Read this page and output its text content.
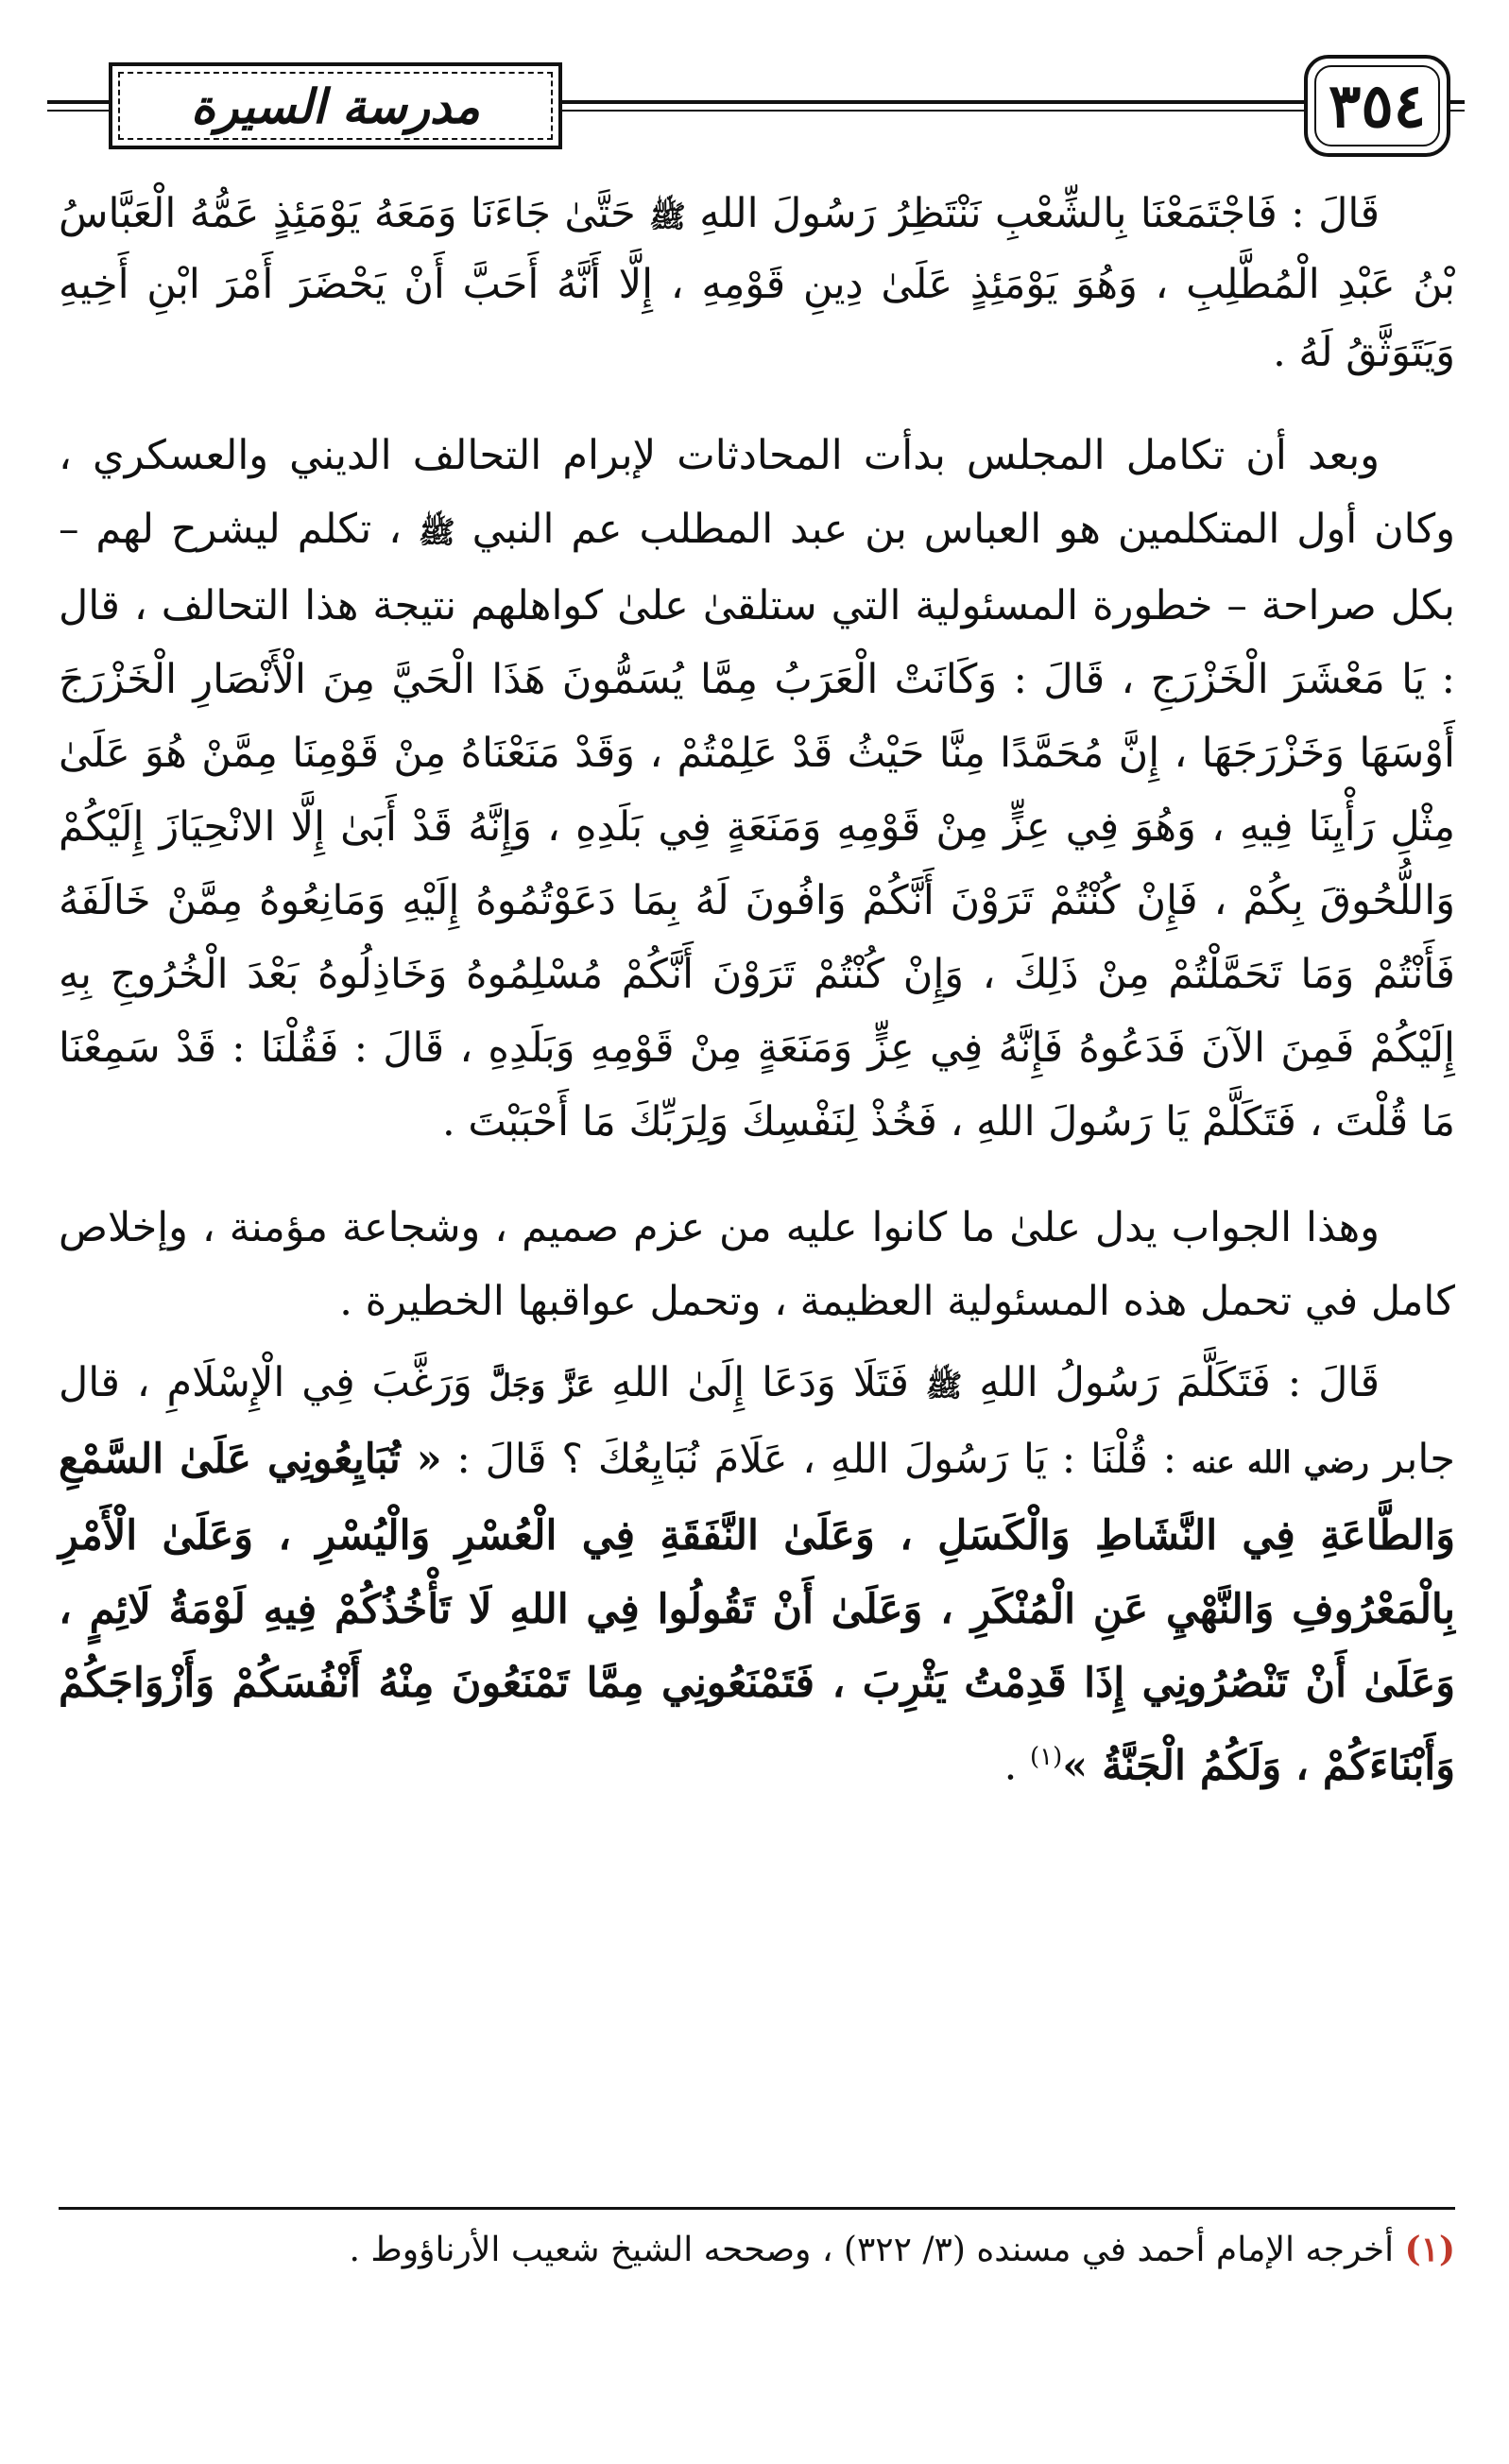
مدرسة السيرة	٣٥٤

قَالَ : فَاجْتَمَعْنَا بِالشِّعْبِ نَنْتَظِرُ رَسُولَ اللهِ ﷺ حَتَّىٰ جَاءَنَا وَمَعَهُ يَوْمَئِذٍ عَمُّهُ الْعَبَّاسُ بْنُ عَبْدِ الْمُطَّلِبِ ، وَهُوَ يَوْمَئِذٍ عَلَىٰ دِينِ قَوْمِهِ ، إِلَّا أَنَّهُ أَحَبَّ أَنْ يَحْضَرَ أَمْرَ ابْنِ أَخِيهِ وَيَتَوَثَّقُ لَهُ .

وبعد أن تكامل المجلس بدأت المحادثات لإبرام التحالف الديني والعسكري ، وكان أول المتكلمين هو العباس بن عبد المطلب عم النبي ﷺ ، تكلم ليشرح لهم – بكل صراحة – خطورة المسئولية التي ستلقىٰ علىٰ كواهلهم نتيجة هذا التحالف ، قال : يَا مَعْشَرَ الْخَزْرَجِ ، قَالَ : وَكَانَتْ الْعَرَبُ مِمَّا يُسَمُّونَ هَذَا الْحَيَّ مِنَ الْأَنْصَارِ الْخَزْرَجَ أَوْسَهَا وَخَزْرَجَهَا ، إِنَّ مُحَمَّدًا مِنَّا حَيْثُ قَدْ عَلِمْتُمْ ، وَقَدْ مَنَعْنَاهُ مِنْ قَوْمِنَا مِمَّنْ هُوَ عَلَىٰ مِثْلِ رَأْيِنَا فِيهِ ، وَهُوَ فِي عِزٍّ مِنْ قَوْمِهِ وَمَنَعَةٍ فِي بَلَدِهِ ، وَإِنَّهُ قَدْ أَبَىٰ إِلَّا الانْحِيَازَ إِلَيْكُمْ وَاللُّحُوقَ بِكُمْ ، فَإِنْ كُنْتُمْ تَرَوْنَ أَنَّكُمْ وَافُونَ لَهُ بِمَا دَعَوْتُمُوهُ إِلَيْهِ وَمَانِعُوهُ مِمَّنْ خَالَفَهُ فَأَنْتُمْ وَمَا تَحَمَّلْتُمْ مِنْ ذَلِكَ ، وَإِنْ كُنْتُمْ تَرَوْنَ أَنَّكُمْ مُسْلِمُوهُ وَخَاذِلُوهُ بَعْدَ الْخُرُوجِ بِهِ إِلَيْكُمْ فَمِنَ الآنَ فَدَعُوهُ فَإِنَّهُ فِي عِزٍّ وَمَنَعَةٍ مِنْ قَوْمِهِ وَبَلَدِهِ ، قَالَ : فَقُلْنَا : قَدْ سَمِعْنَا مَا قُلْتَ ، فَتَكَلَّمْ يَا رَسُولَ اللهِ ، فَخُذْ لِنَفْسِكَ وَلِرَبِّكَ مَا أَحْبَبْتَ .

وهذا الجواب يدل علىٰ ما كانوا عليه من عزم صميم ، وشجاعة مؤمنة ، وإخلاص كامل في تحمل هذه المسئولية العظيمة ، وتحمل عواقبها الخطيرة .

قَالَ : فَتَكَلَّمَ رَسُولُ اللهِ ﷺ فَتَلَا وَدَعَا إِلَىٰ اللهِ عَزَّ وَجَلَّ وَرَغَّبَ فِي الْإِسْلَامِ ، قال جابر رضي الله عنه : قُلْنَا : يَا رَسُولَ اللهِ ، عَلَامَ نُبَايِعُكَ ؟ قَالَ : « تُبَايِعُونِي عَلَىٰ السَّمْعِ وَالطَّاعَةِ فِي النَّشَاطِ وَالْكَسَلِ ، وَعَلَىٰ النَّفَقَةِ فِي الْعُسْرِ وَالْيُسْرِ ، وَعَلَىٰ الْأَمْرِ بِالْمَعْرُوفِ وَالنَّهْيِ عَنِ الْمُنْكَرِ ، وَعَلَىٰ أَنْ تَقُولُوا فِي اللهِ لَا تَأْخُذُكُمْ فِيهِ لَوْمَةُ لَائِمٍ ، وَعَلَىٰ أَنْ تَنْصُرُونِي إِذَا قَدِمْتُ يَثْرِبَ ، فَتَمْنَعُونِي مِمَّا تَمْنَعُونَ مِنْهُ أَنْفُسَكُمْ وَأَزْوَاجَكُمْ وَأَبْنَاءَكُمْ ، وَلَكُمُ الْجَنَّةُ »$^{(١)}$ .

(١) أخرجه الإمام أحمد في مسنده (٣/ ٣٢٢) ، وصححه الشيخ شعيب الأرناؤوط .
